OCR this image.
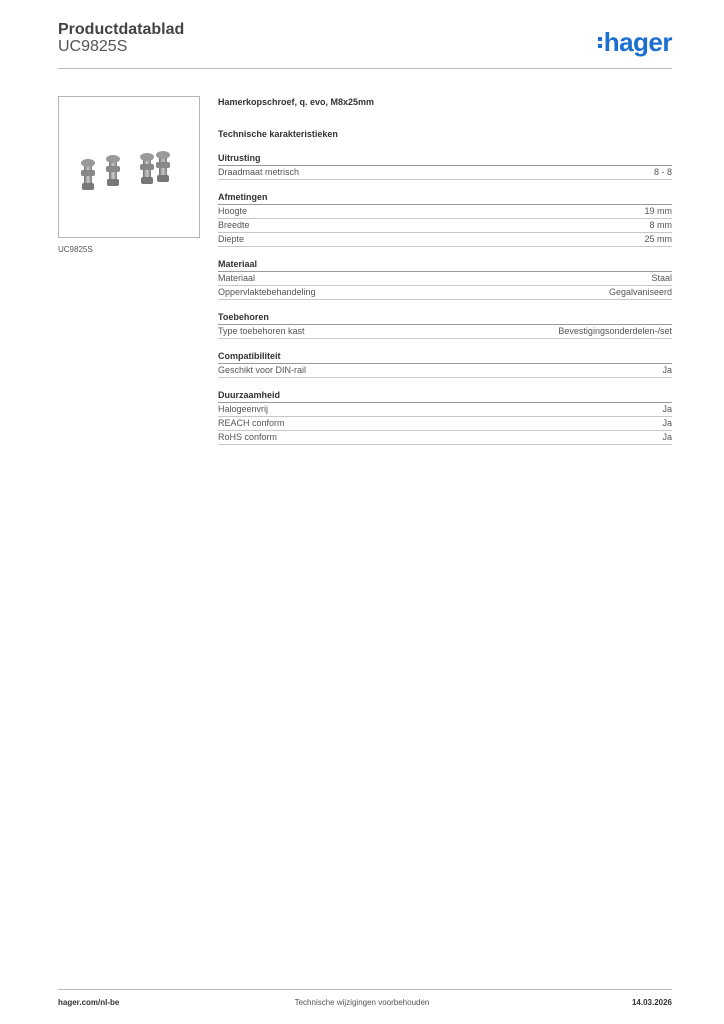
Productdatablad
UC9825S	hager
UC9825S
Hamerkopschroef, q. evo, M8x25mm
Technische karakteristieken
Uitrusting
Draadmaat metrisch	8 - 8
Afmetingen
Hoogte	19 mm
Breedte	8 mm
Diepte	25 mm
Materiaal
Materiaal	Staal
Oppervlaktebehandeling	Gegalvaniseerd
Toebehoren
Type toebehoren kast	Bevestigingsonderdelen-/set
Compatibiliteit
Geschikt voor DIN-rail	Ja
Duurzaamheid
Halogeenvrij	Ja
REACH conform	Ja
RoHS conform	Ja
hager.com/nl-be	Technische wijzigingen voorbehouden	14.03.2026
